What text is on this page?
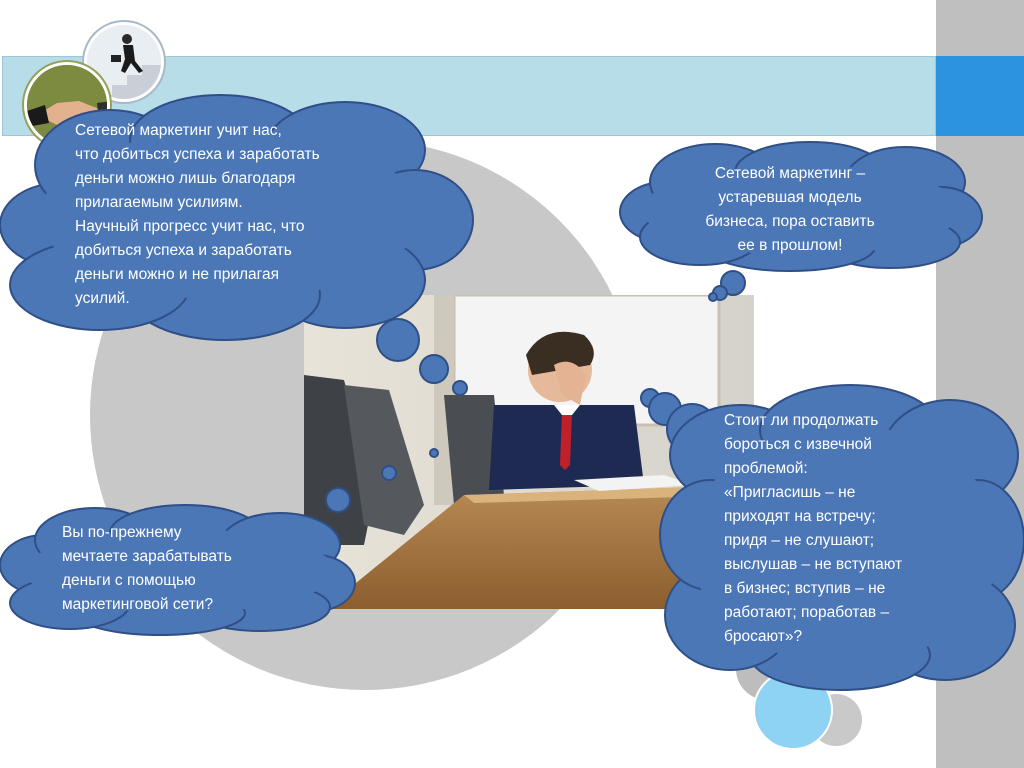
Сетевой маркетинг учит нас,
что добиться успеха и заработать
деньги можно лишь благодаря
прилагаемым усилиям.
Научный прогресс учит нас, что
добиться успеха и заработать
деньги можно и не прилагая
усилий.
Сетевой маркетинг –
устаревшая модель
бизнеса, пора оставить
ее в прошлом!
Стоит ли продолжать
бороться с извечной
проблемой:
«Пригласишь – не
приходят на встречу;
придя – не слушают;
выслушав – не вступают
в бизнес; вступив – не
работают; поработав –
бросают»?
Вы по-прежнему
мечтаете зарабатывать
деньги с помощью
маркетинговой сети?
